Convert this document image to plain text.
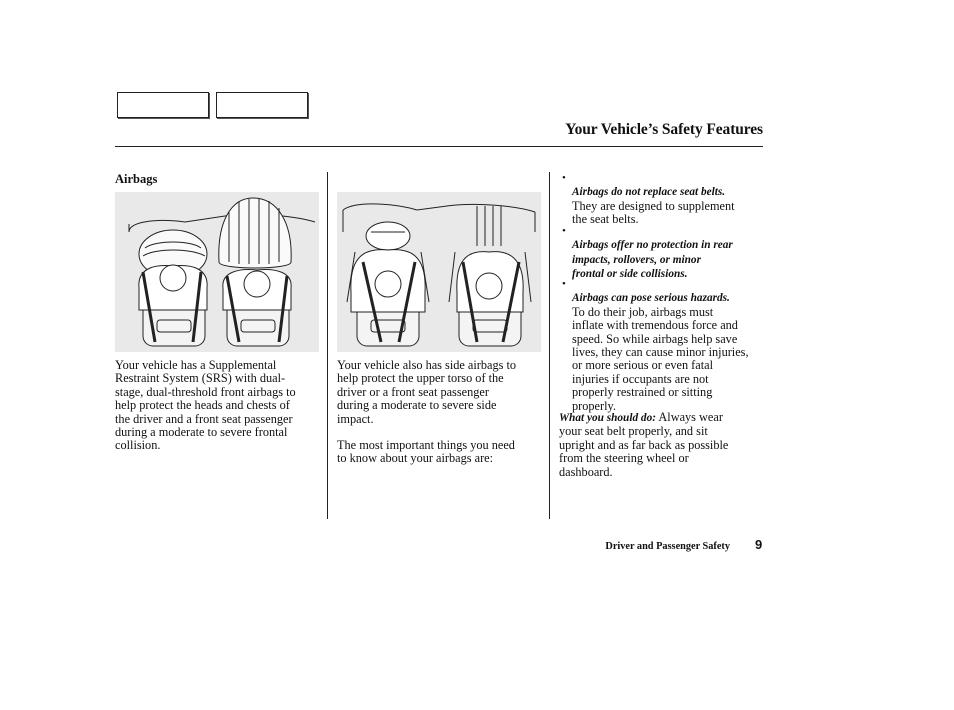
Your Vehicle’s Safety Features
Airbags
Your vehicle has a Supplemental
Restraint System (SRS) with dual-
stage, dual-threshold front airbags to
help protect the heads and chests of
the driver and a front seat passenger
during a moderate to severe frontal
collision.
Your vehicle also has side airbags to
help protect the upper torso of the
driver or a front seat passenger
during a moderate to severe side
impact.
The most important things you need
to know about your airbags are:
•

Airbags do not replace seat belts.
They are designed to supplement
the seat belts.

•

Airbags offer no protection in rear
impacts, rollovers, or minor
frontal or side collisions.

•

Airbags can pose serious hazards.
To do their job, airbags must
inflate with tremendous force and
speed. So while airbags help save
lives, they can cause minor injuries,
or more serious or even fatal
injuries if occupants are not
properly restrained or sitting
properly.

What you should do: Always wear
your seat belt properly, and sit
upright and as far back as possible
from the steering wheel or
dashboard.
Driver and Passenger Safety 9
